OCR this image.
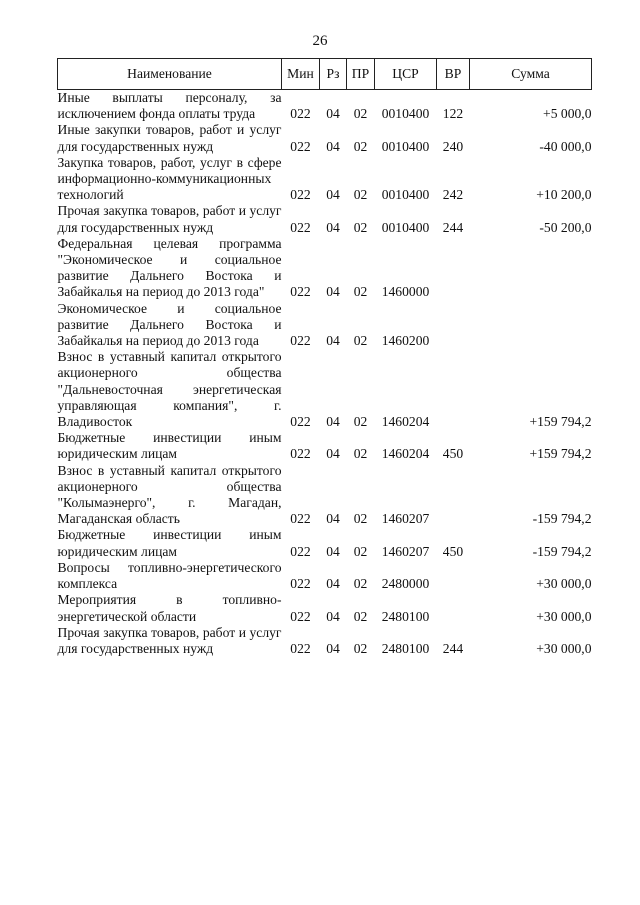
26
Наименование	Мин	Рз	ПР	ЦСР	ВР	Сумма
Иные выплаты персоналу, за исключением фонда оплаты труда	022	04	02	0010400	122	+5 000,0
Иные закупки товаров, работ и услуг для государственных нужд	022	04	02	0010400	240	-40 000,0
Закупка товаров, работ, услуг в сфере информационно-коммуникационных технологий	022	04	02	0010400	242	+10 200,0
Прочая закупка товаров, работ и услуг для государственных нужд	022	04	02	0010400	244	-50 200,0
Федеральная целевая программа "Экономическое и социальное развитие Дальнего Востока и Забайкалья на период до 2013 года"	022	04	02	1460000		
Экономическое и социальное развитие Дальнего Востока и Забайкалья на период до 2013 года	022	04	02	1460200		
Взнос в уставный капитал открытого акционерного общества "Дальневосточная энергетическая управляющая компания", г. Владивосток	022	04	02	1460204		+159 794,2
Бюджетные инвестиции иным юридическим лицам	022	04	02	1460204	450	+159 794,2
Взнос в уставный капитал открытого акционерного общества "Колымаэнерго", г. Магадан, Магаданская область	022	04	02	1460207		-159 794,2
Бюджетные инвестиции иным юридическим лицам	022	04	02	1460207	450	-159 794,2
Вопросы топливно-энергетического комплекса	022	04	02	2480000		+30 000,0
Мероприятия в топливно-энергетической области	022	04	02	2480100		+30 000,0
Прочая закупка товаров, работ и услуг для государственных нужд	022	04	02	2480100	244	+30 000,0
